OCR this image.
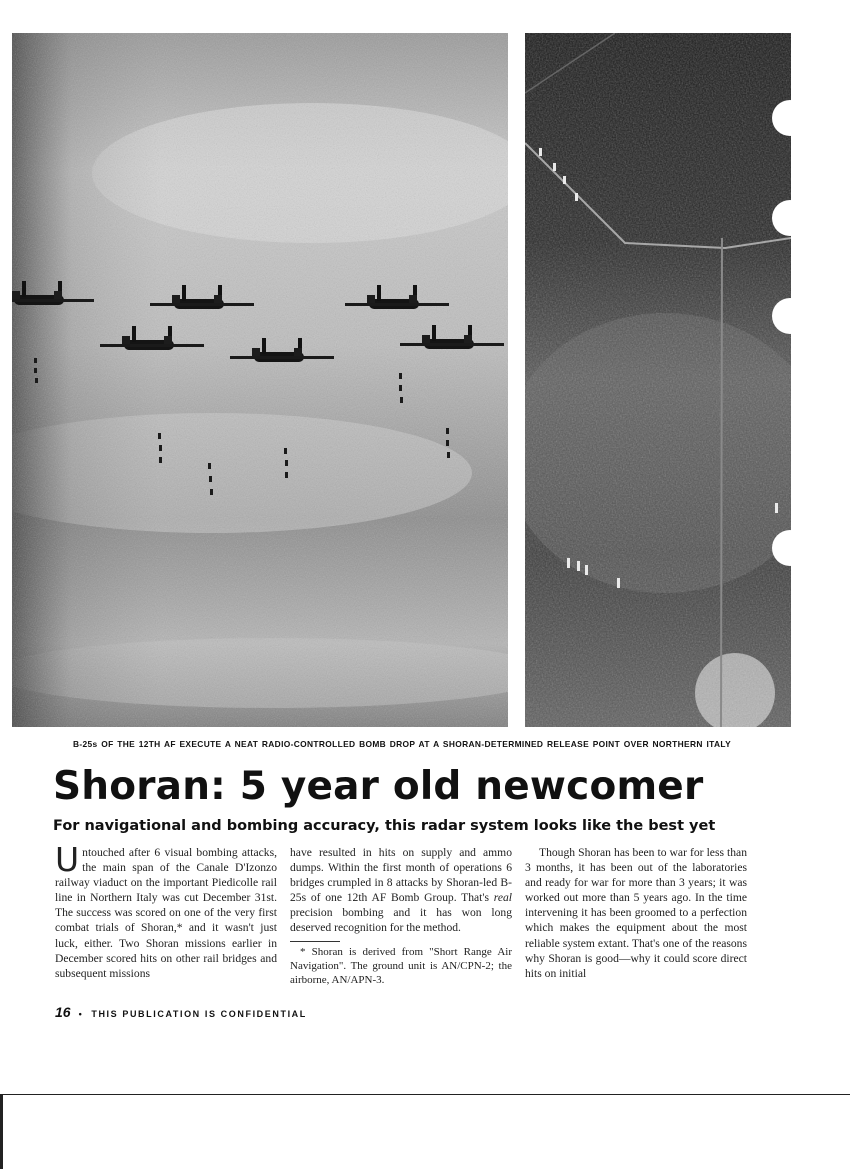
B-25s OF THE 12TH AF EXECUTE A NEAT RADIO-CONTROLLED BOMB DROP AT A SHORAN-DETERMINED RELEASE POINT OVER NORTHERN ITALY
Shoran: 5 year old newcomer
For navigational and bombing accuracy, this radar system looks like the best yet

Untouched after 6 visual bombing attacks, the main span of the Canale D'Izonzo railway viaduct on the important Piedicolle rail line in Northern Italy was cut December 31st. The success was scored on one of the very first combat trials of Shoran,* and it wasn't just luck, either. Two Shoran missions earlier in December scored hits on other rail bridges and subsequent missions

have resulted in hits on supply and ammo dumps. Within the first month of operations 6 bridges crumpled in 8 attacks by Shoran-led B-25s of one 12th AF Bomb Group. That's real precision bombing and it has won long deserved recognition for the method.

* Shoran is derived from "Short Range Air Navigation". The ground unit is AN/CPN-2; the airborne, AN/APN-3.

Though Shoran has been to war for less than 3 months, it has been out of the laboratories and ready for war for more than 3 years; it was worked out more than 5 years ago. In the time intervening it has been groomed to a perfection which makes the equipment about the most reliable system extant. That's one of the reasons why Shoran is good—why it could score direct hits on initial

16 • THIS PUBLICATION IS CONFIDENTIAL
